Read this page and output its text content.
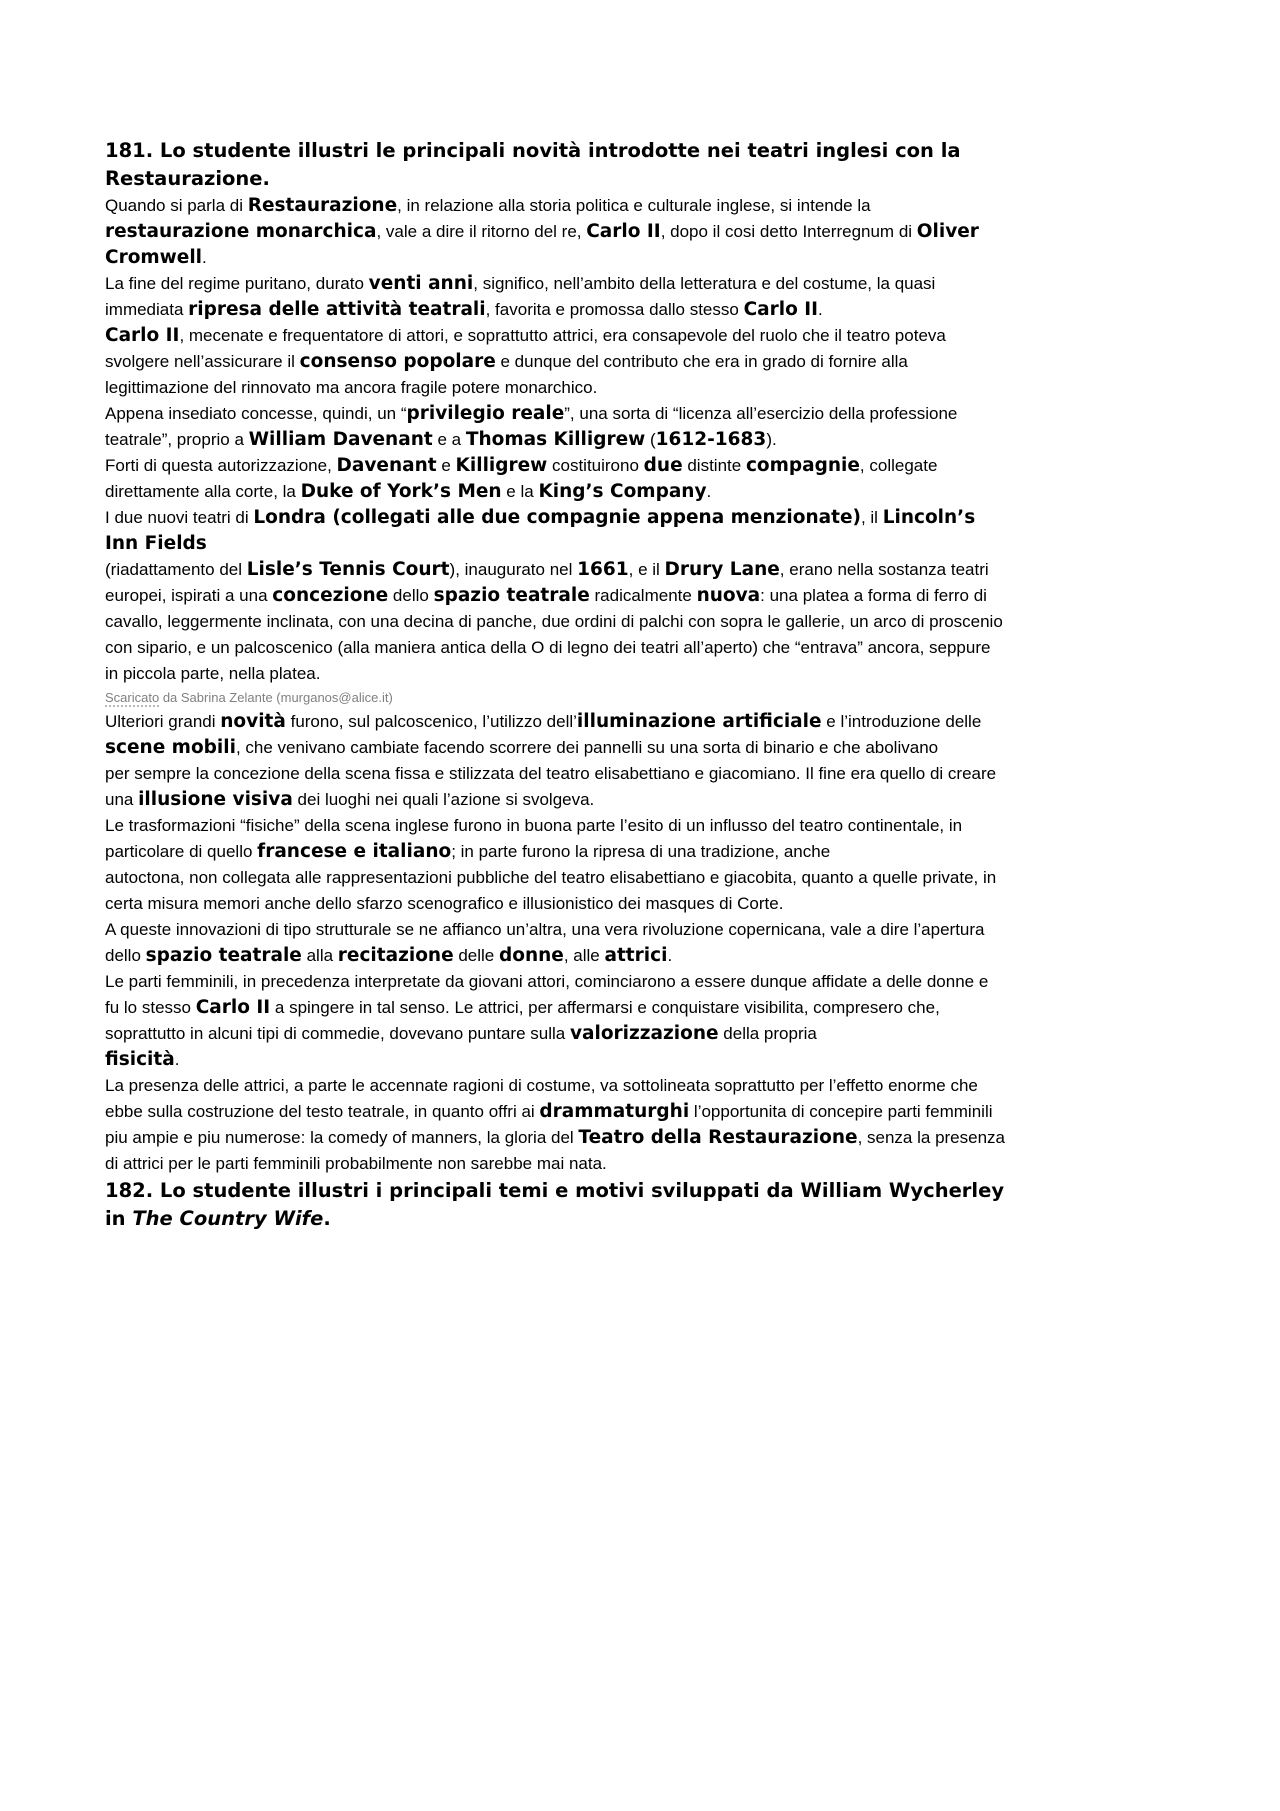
181. Lo studente illustri le principali novità introdotte nei teatri inglesi con la Restaurazione.

Quando si parla di Restaurazione, in relazione alla storia politica e culturale inglese, si intende la restaurazione monarchica, vale a dire il ritorno del re, Carlo II, dopo il cosi detto Interregnum di Oliver
Cromwell.

La fine del regime puritano, durato venti anni, significo, nell’ambito della letteratura e del costume, la quasi
immediata ripresa delle attività teatrali, favorita e promossa dallo stesso Carlo II.

Carlo II, mecenate e frequentatore di attori, e soprattutto attrici, era consapevole del ruolo che il teatro poteva svolgere nell’assicurare il consenso popolare e dunque del contributo che era in grado di fornire alla
legittimazione del rinnovato ma ancora fragile potere monarchico.

Appena insediato concesse, quindi, un “privilegio reale”, una sorta di “licenza all’esercizio della professione
teatrale”, proprio a William Davenant e a Thomas Killigrew (1612-1683).

Forti di questa autorizzazione, Davenant e Killigrew costituirono due distinte compagnie, collegate
direttamente alla corte, la Duke of York’s Men e la King’s Company.

I due nuovi teatri di Londra (collegati alle due compagnie appena menzionate), il Lincoln’s Inn Fields
(riadattamento del Lisle’s Tennis Court), inaugurato nel 1661, e il Drury Lane, erano nella sostanza teatri
europei, ispirati a una concezione dello spazio teatrale radicalmente nuova: una platea a forma di ferro di
cavallo, leggermente inclinata, con una decina di panche, due ordini di palchi con sopra le gallerie, un arco di proscenio con sipario, e un palcoscenico (alla maniera antica della O di legno dei teatri all’aperto) che “entrava” ancora, seppure in piccola parte, nella platea.

Scaricato da Sabrina Zelante (murganos@alice.it)

Ulteriori grandi novità furono, sul palcoscenico, l’utilizzo dell’illuminazione artificiale e l’introduzione delle
scene mobili, che venivano cambiate facendo scorrere dei pannelli su una sorta di binario e che abolivano
per sempre la concezione della scena fissa e stilizzata del teatro elisabettiano e giacomiano. Il fine era quello di creare una illusione visiva dei luoghi nei quali l’azione si svolgeva.

Le trasformazioni “fisiche” della scena inglese furono in buona parte l’esito di un influsso del teatro continentale, in particolare di quello francese e italiano; in parte furono la ripresa di una tradizione, anche
autoctona, non collegata alle rappresentazioni pubbliche del teatro elisabettiano e giacobita, quanto a quelle private, in certa misura memori anche dello sfarzo scenografico e illusionistico dei masques di Corte.

A queste innovazioni di tipo strutturale se ne affianco un’altra, una vera rivoluzione copernicana, vale a dire l’apertura dello spazio teatrale alla recitazione delle donne, alle attrici.

Le parti femminili, in precedenza interpretate da giovani attori, cominciarono a essere dunque affidate a delle donne e fu lo stesso Carlo II a spingere in tal senso. Le attrici, per affermarsi e conquistare visibilita, compresero che, soprattutto in alcuni tipi di commedie, dovevano puntare sulla valorizzazione della propria
fisicità.

La presenza delle attrici, a parte le accennate ragioni di costume, va sottolineata soprattutto per l’effetto enorme che ebbe sulla costruzione del testo teatrale, in quanto offri ai drammaturghi l’opportunita di concepire parti femminili piu ampie e piu numerose: la comedy of manners, la gloria del Teatro della Restaurazione, senza la presenza di attrici per le parti femminili probabilmente non sarebbe mai nata.

182. Lo studente illustri i principali temi e motivi sviluppati da William Wycherley in The Country Wife.
